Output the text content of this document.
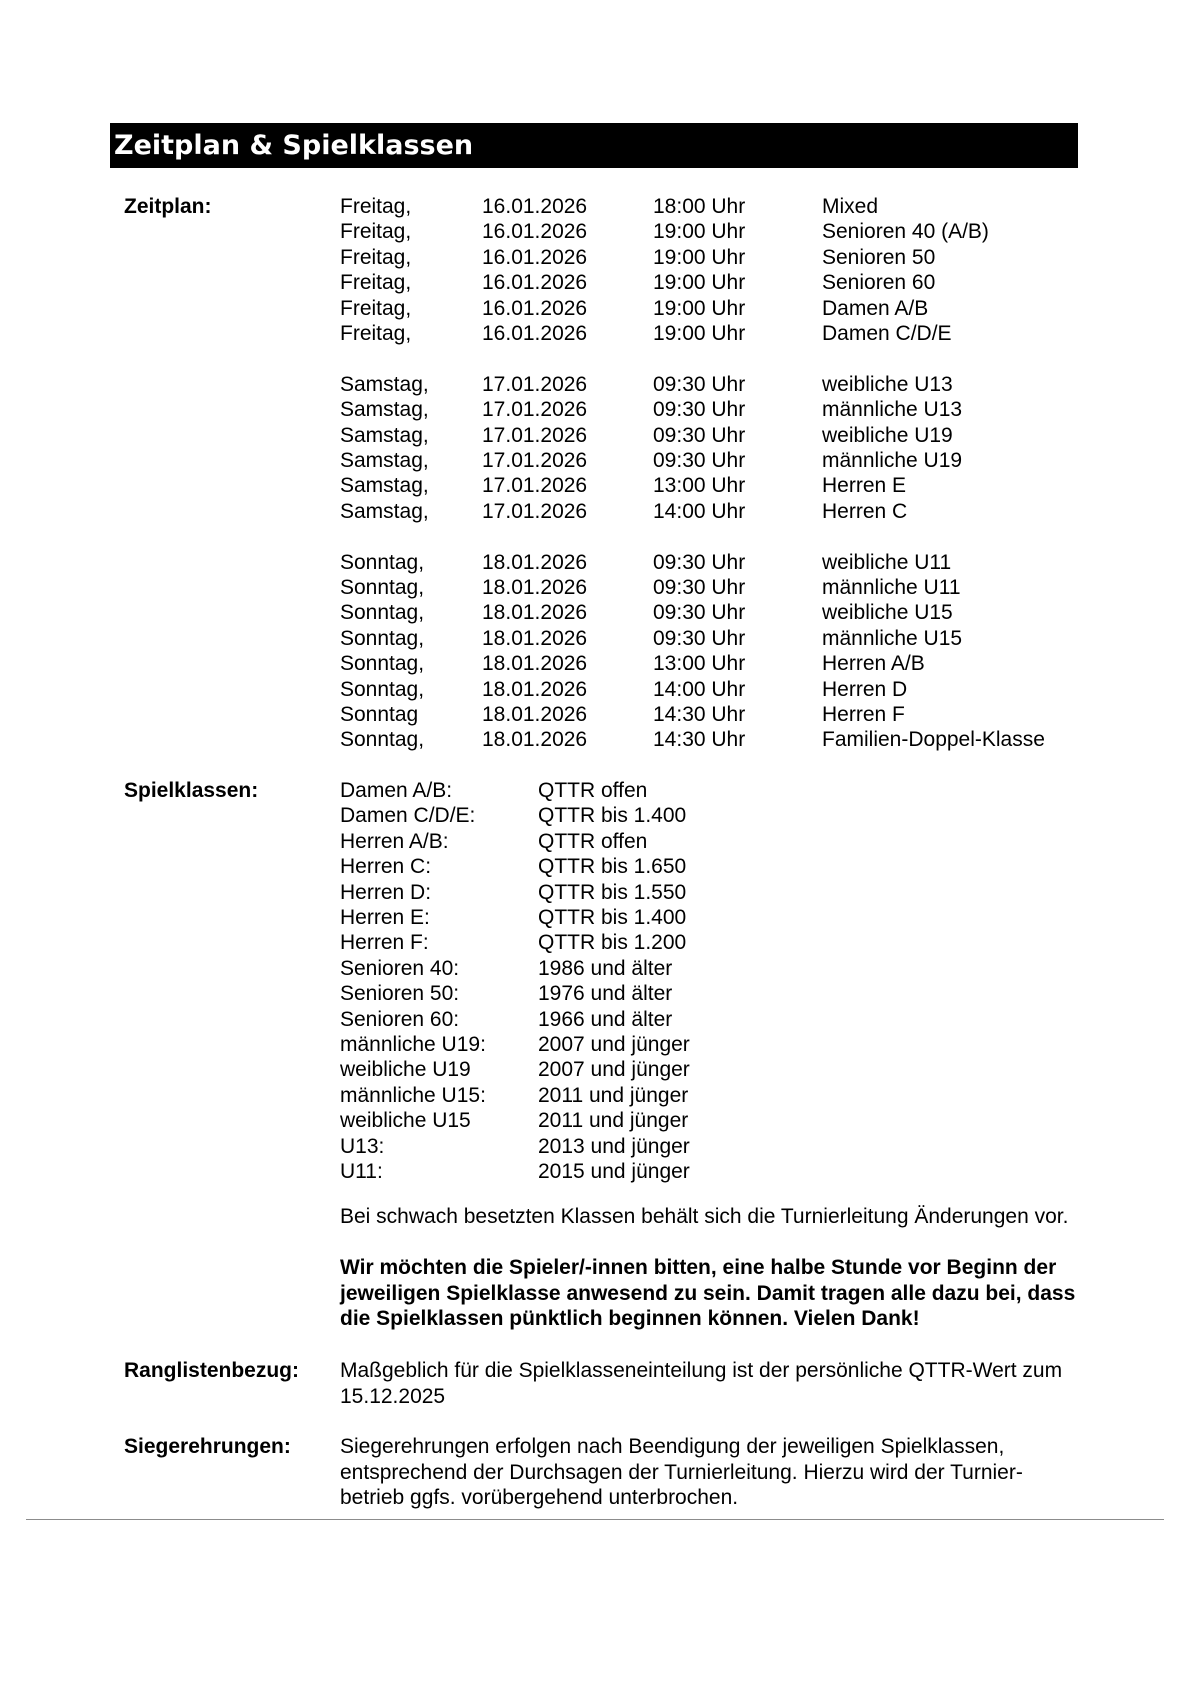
Zeitplan & Spielklassen
Zeitplan:	Freitag,	16.01.2026	18:00 Uhr	Mixed
Freitag,	16.01.2026	19:00 Uhr	Senioren 40 (A/B)
Freitag,	16.01.2026	19:00 Uhr	Senioren 50
Freitag,	16.01.2026	19:00 Uhr	Senioren 60
Freitag,	16.01.2026	19:00 Uhr	Damen A/B
Freitag,	16.01.2026	19:00 Uhr	Damen C/D/E
Samstag,	17.01.2026	09:30 Uhr	weibliche U13
Samstag,	17.01.2026	09:30 Uhr	männliche U13
Samstag,	17.01.2026	09:30 Uhr	weibliche U19
Samstag,	17.01.2026	09:30 Uhr	männliche U19
Samstag,	17.01.2026	13:00 Uhr	Herren E
Samstag,	17.01.2026	14:00 Uhr	Herren C
Sonntag,	18.01.2026	09:30 Uhr	weibliche U11
Sonntag,	18.01.2026	09:30 Uhr	männliche U11
Sonntag,	18.01.2026	09:30 Uhr	weibliche U15
Sonntag,	18.01.2026	09:30 Uhr	männliche U15
Sonntag,	18.01.2026	13:00 Uhr	Herren A/B
Sonntag,	18.01.2026	14:00 Uhr	Herren D
Sonntag	18.01.2026	14:30 Uhr	Herren F
Sonntag,	18.01.2026	14:30 Uhr	Familien-Doppel-Klasse
Spielklassen:	Damen A/B:	QTTR offen
Damen C/D/E:	QTTR bis 1.400
Herren A/B:	QTTR offen
Herren C:	QTTR bis 1.650
Herren D:	QTTR bis 1.550
Herren E:	QTTR bis 1.400
Herren F:	QTTR bis 1.200
Senioren 40:	1986 und älter
Senioren 50:	1976 und älter
Senioren 60:	1966 und älter
männliche U19: 2007 und jünger
weibliche U19	2007 und jünger
männliche U15: 2011 und jünger
weibliche U15	2011 und jünger
U13:	2013 und jünger
U11:	2015 und jünger
Bei schwach besetzten Klassen behält sich die Turnierleitung Änderungen vor.
Wir möchten die Spieler/-innen bitten, eine halbe Stunde vor Beginn der jeweiligen Spielklasse anwesend zu sein. Damit tragen alle dazu bei, dass die Spielklassen pünktlich beginnen können. Vielen Dank!
Ranglistenbezug: Maßgeblich für die Spielklasseneinteilung ist der persönliche QTTR-Wert zum 15.12.2025
Siegerehrungen: Siegerehrungen erfolgen nach Beendigung der jeweiligen Spielklassen, entsprechend der Durchsagen der Turnierleitung. Hierzu wird der Turnier-betrieb ggfs. vorübergehend unterbrochen.
